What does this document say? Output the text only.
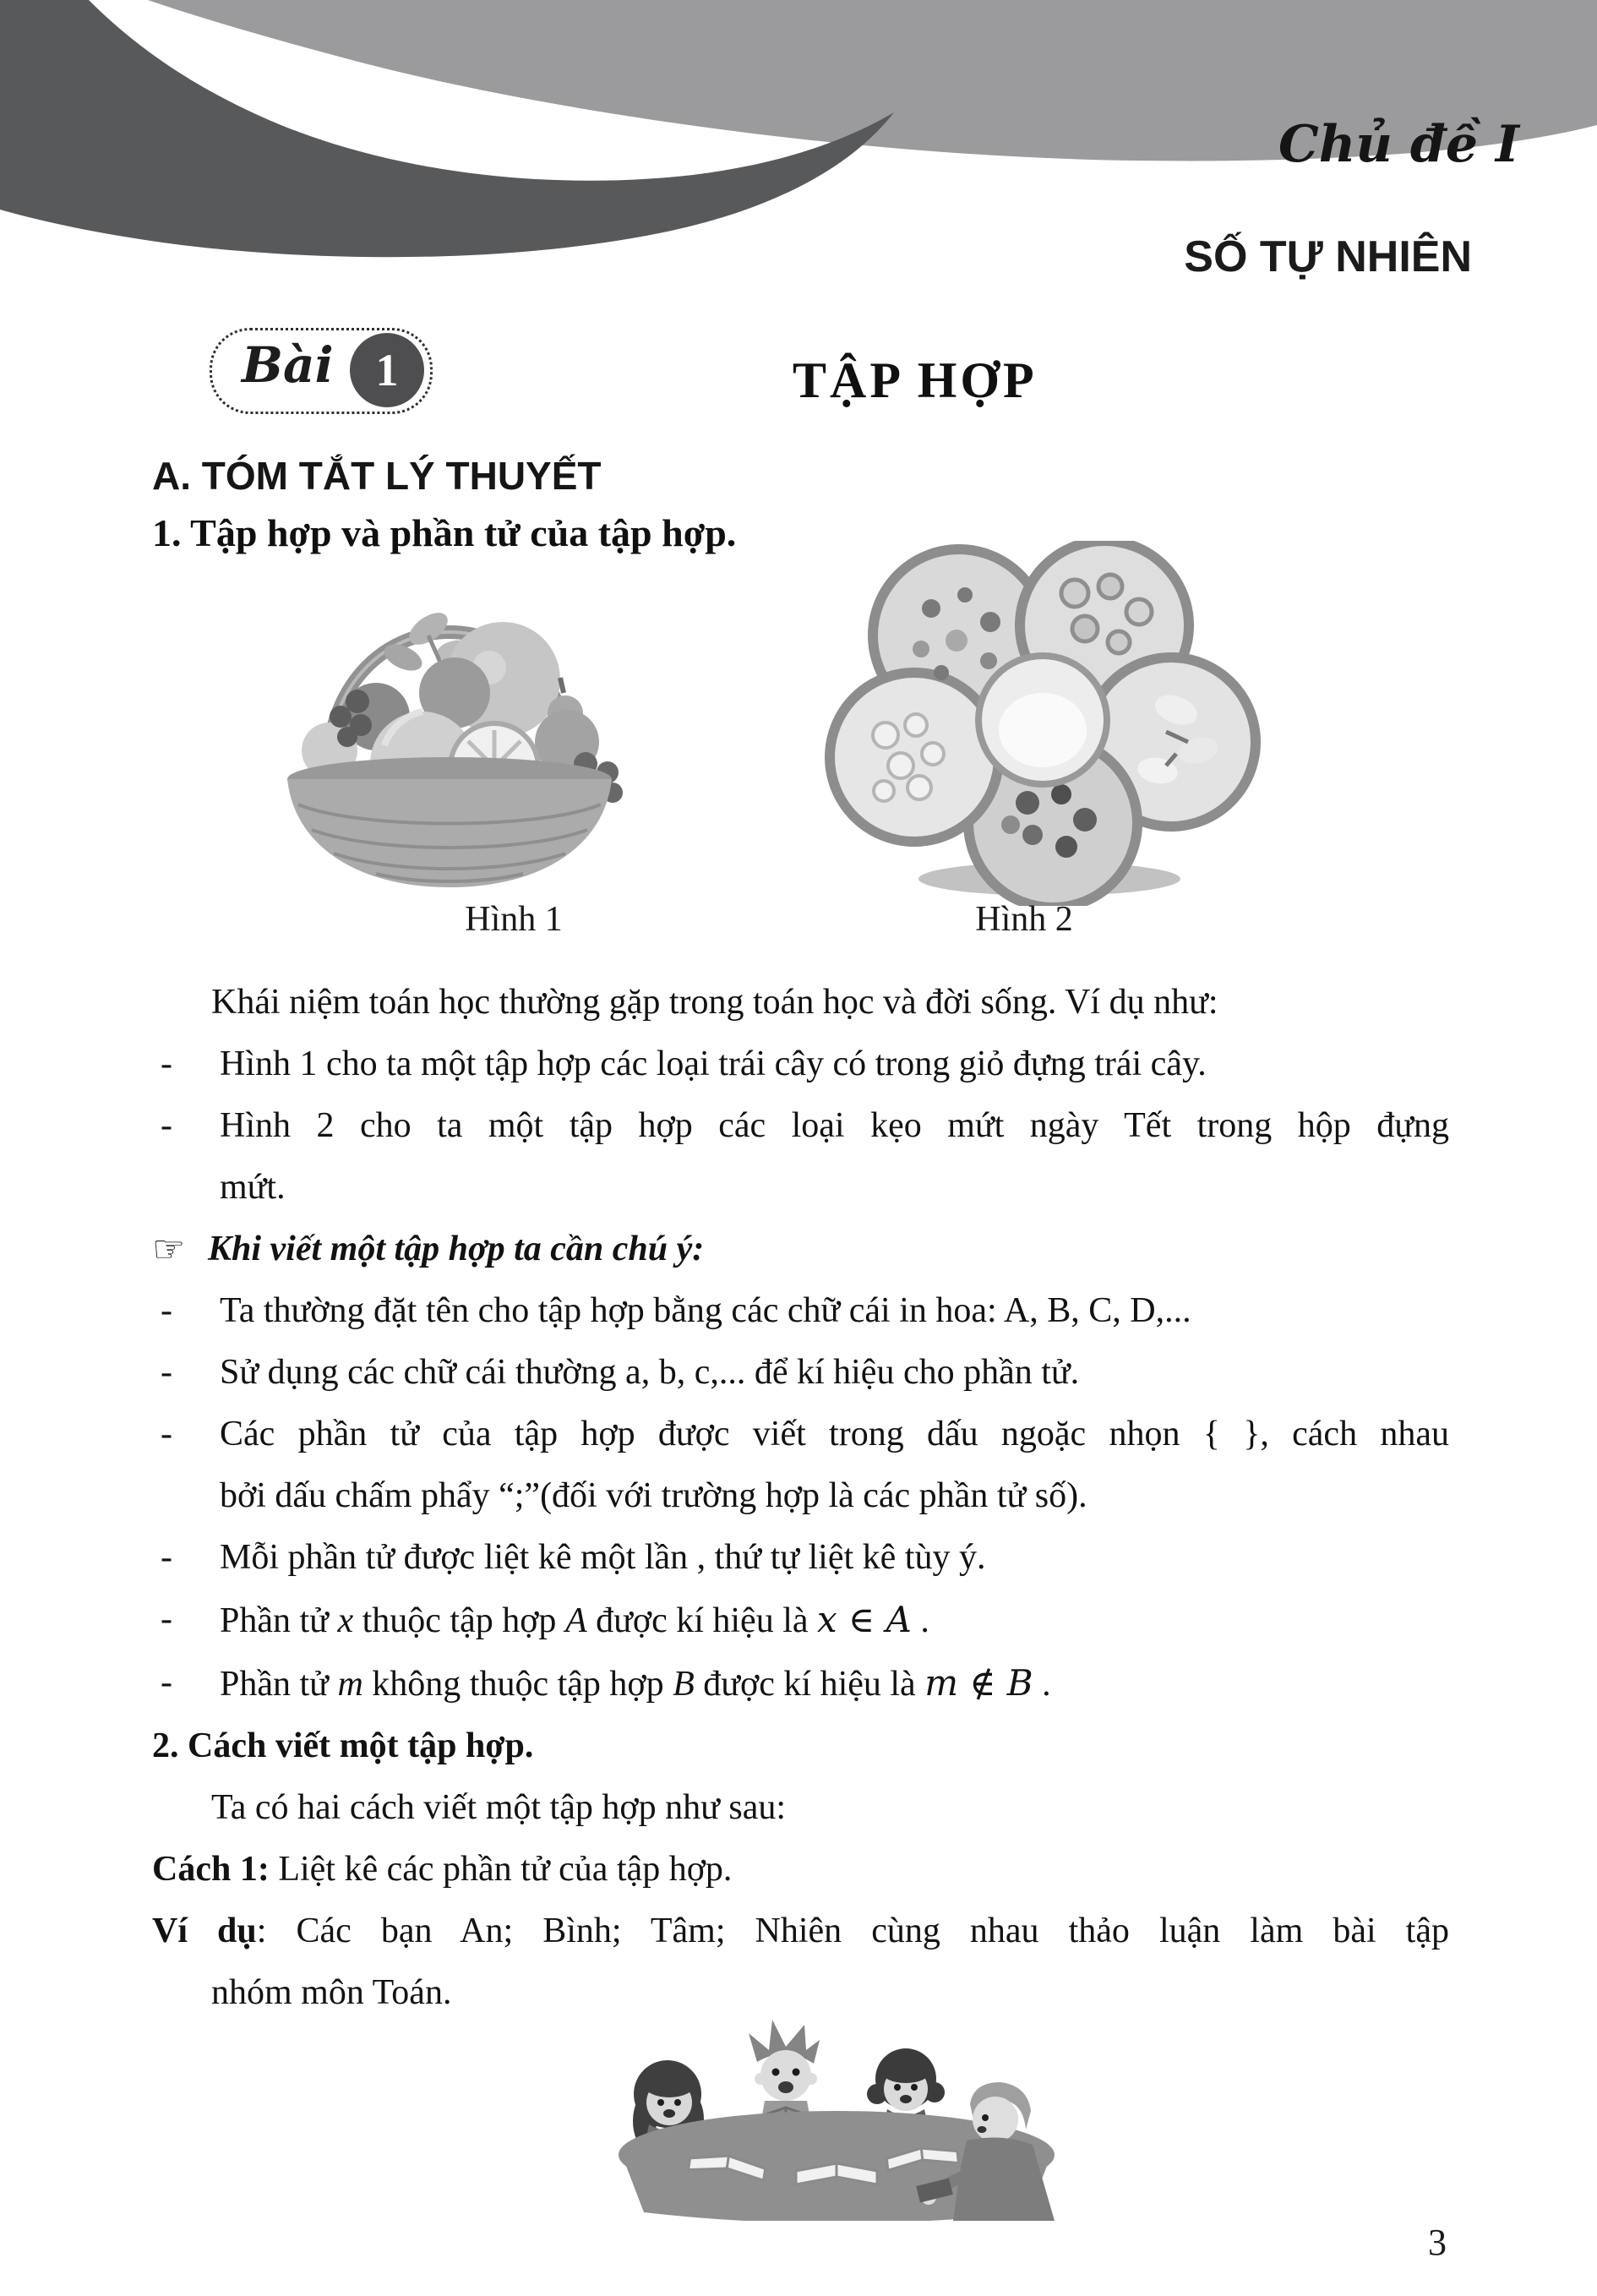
Chủ đề I
SỐ TỰ NHIÊN
Bài 1	TẬP HỢP
A. TÓM TẮT LÝ THUYẾT
1. Tập hợp và phần tử của tập hợp.
Hình 1	Hình 2
Khái niệm toán học thường gặp trong toán học và đời sống. Ví dụ như:
-	Hình 1 cho ta một tập hợp các loại trái cây có trong giỏ đựng trái cây.
-	Hình 2 cho ta một tập hợp các loại kẹo mứt ngày Tết trong hộp đựng
mứt.
☞ Khi viết một tập hợp ta cần chú ý:
-	Ta thường đặt tên cho tập hợp bằng các chữ cái in hoa: A, B, C, D,...
-	Sử dụng các chữ cái thường a, b, c,... để kí hiệu cho phần tử.
-	Các phần tử của tập hợp được viết trong dấu ngoặc nhọn { }, cách nhau
bởi dấu chấm phẩy “;”(đối với trường hợp là các phần tử số).
-	Mỗi phần tử được liệt kê một lần , thứ tự liệt kê tùy ý.
-	Phần tử x thuộc tập hợp A được kí hiệu là x ∈ A .
-	Phần tử m không thuộc tập hợp B được kí hiệu là m ∉ B .
2. Cách viết một tập hợp.
Ta có hai cách viết một tập hợp như sau:
Cách 1: Liệt kê các phần tử của tập hợp.
Ví dụ: Các bạn An; Bình; Tâm; Nhiên cùng nhau thảo luận làm bài tập
nhóm môn Toán.
3
